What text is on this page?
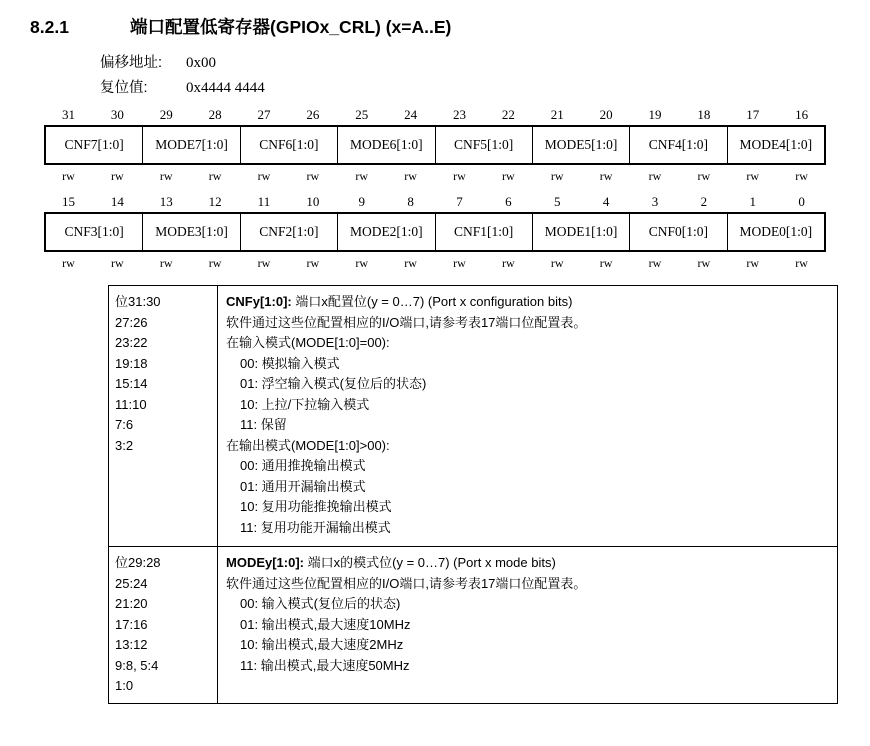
8.2.1	端口配置低寄存器(GPIOx_CRL) (x=A..E)
偏移地址:	0x00
复位值:	0x4444 4444
31	30	29	28	27	26	25	24	23	22	21	20	19	18	17	16
CNF7[1:0]	MODE7[1:0]	CNF6[1:0]	MODE6[1:0]	CNF5[1:0]	MODE5[1:0]	CNF4[1:0]	MODE4[1:0]
rw	rw	rw	rw	rw	rw	rw	rw	rw	rw	rw	rw	rw	rw	rw	rw
15	14	13	12	11	10	9	8	7	6	5	4	3	2	1	0
CNF3[1:0]	MODE3[1:0]	CNF2[1:0]	MODE2[1:0]	CNF1[1:0]	MODE1[1:0]	CNF0[1:0]	MODE0[1:0]
rw	rw	rw	rw	rw	rw	rw	rw	rw	rw	rw	rw	rw	rw	rw	rw
位31:30
27:26
23:22
19:18
15:14
11:10
7:6
3:2
CNFy[1:0]: 端口x配置位(y = 0…7) (Port x configuration bits)
软件通过这些位配置相应的I/O端口,请参考表17端口位配置表。
在输入模式(MODE[1:0]=00):
00: 模拟输入模式
01: 浮空输入模式(复位后的状态)
10: 上拉/下拉输入模式
11: 保留
在输出模式(MODE[1:0]>00):
00: 通用推挽输出模式
01: 通用开漏输出模式
10: 复用功能推挽输出模式
11: 复用功能开漏输出模式
位29:28
25:24
21:20
17:16
13:12
9:8, 5:4
1:0
MODEy[1:0]: 端口x的模式位(y = 0…7) (Port x mode bits)
软件通过这些位配置相应的I/O端口,请参考表17端口位配置表。
00: 输入模式(复位后的状态)
01: 输出模式,最大速度10MHz
10: 输出模式,最大速度2MHz
11: 输出模式,最大速度50MHz
